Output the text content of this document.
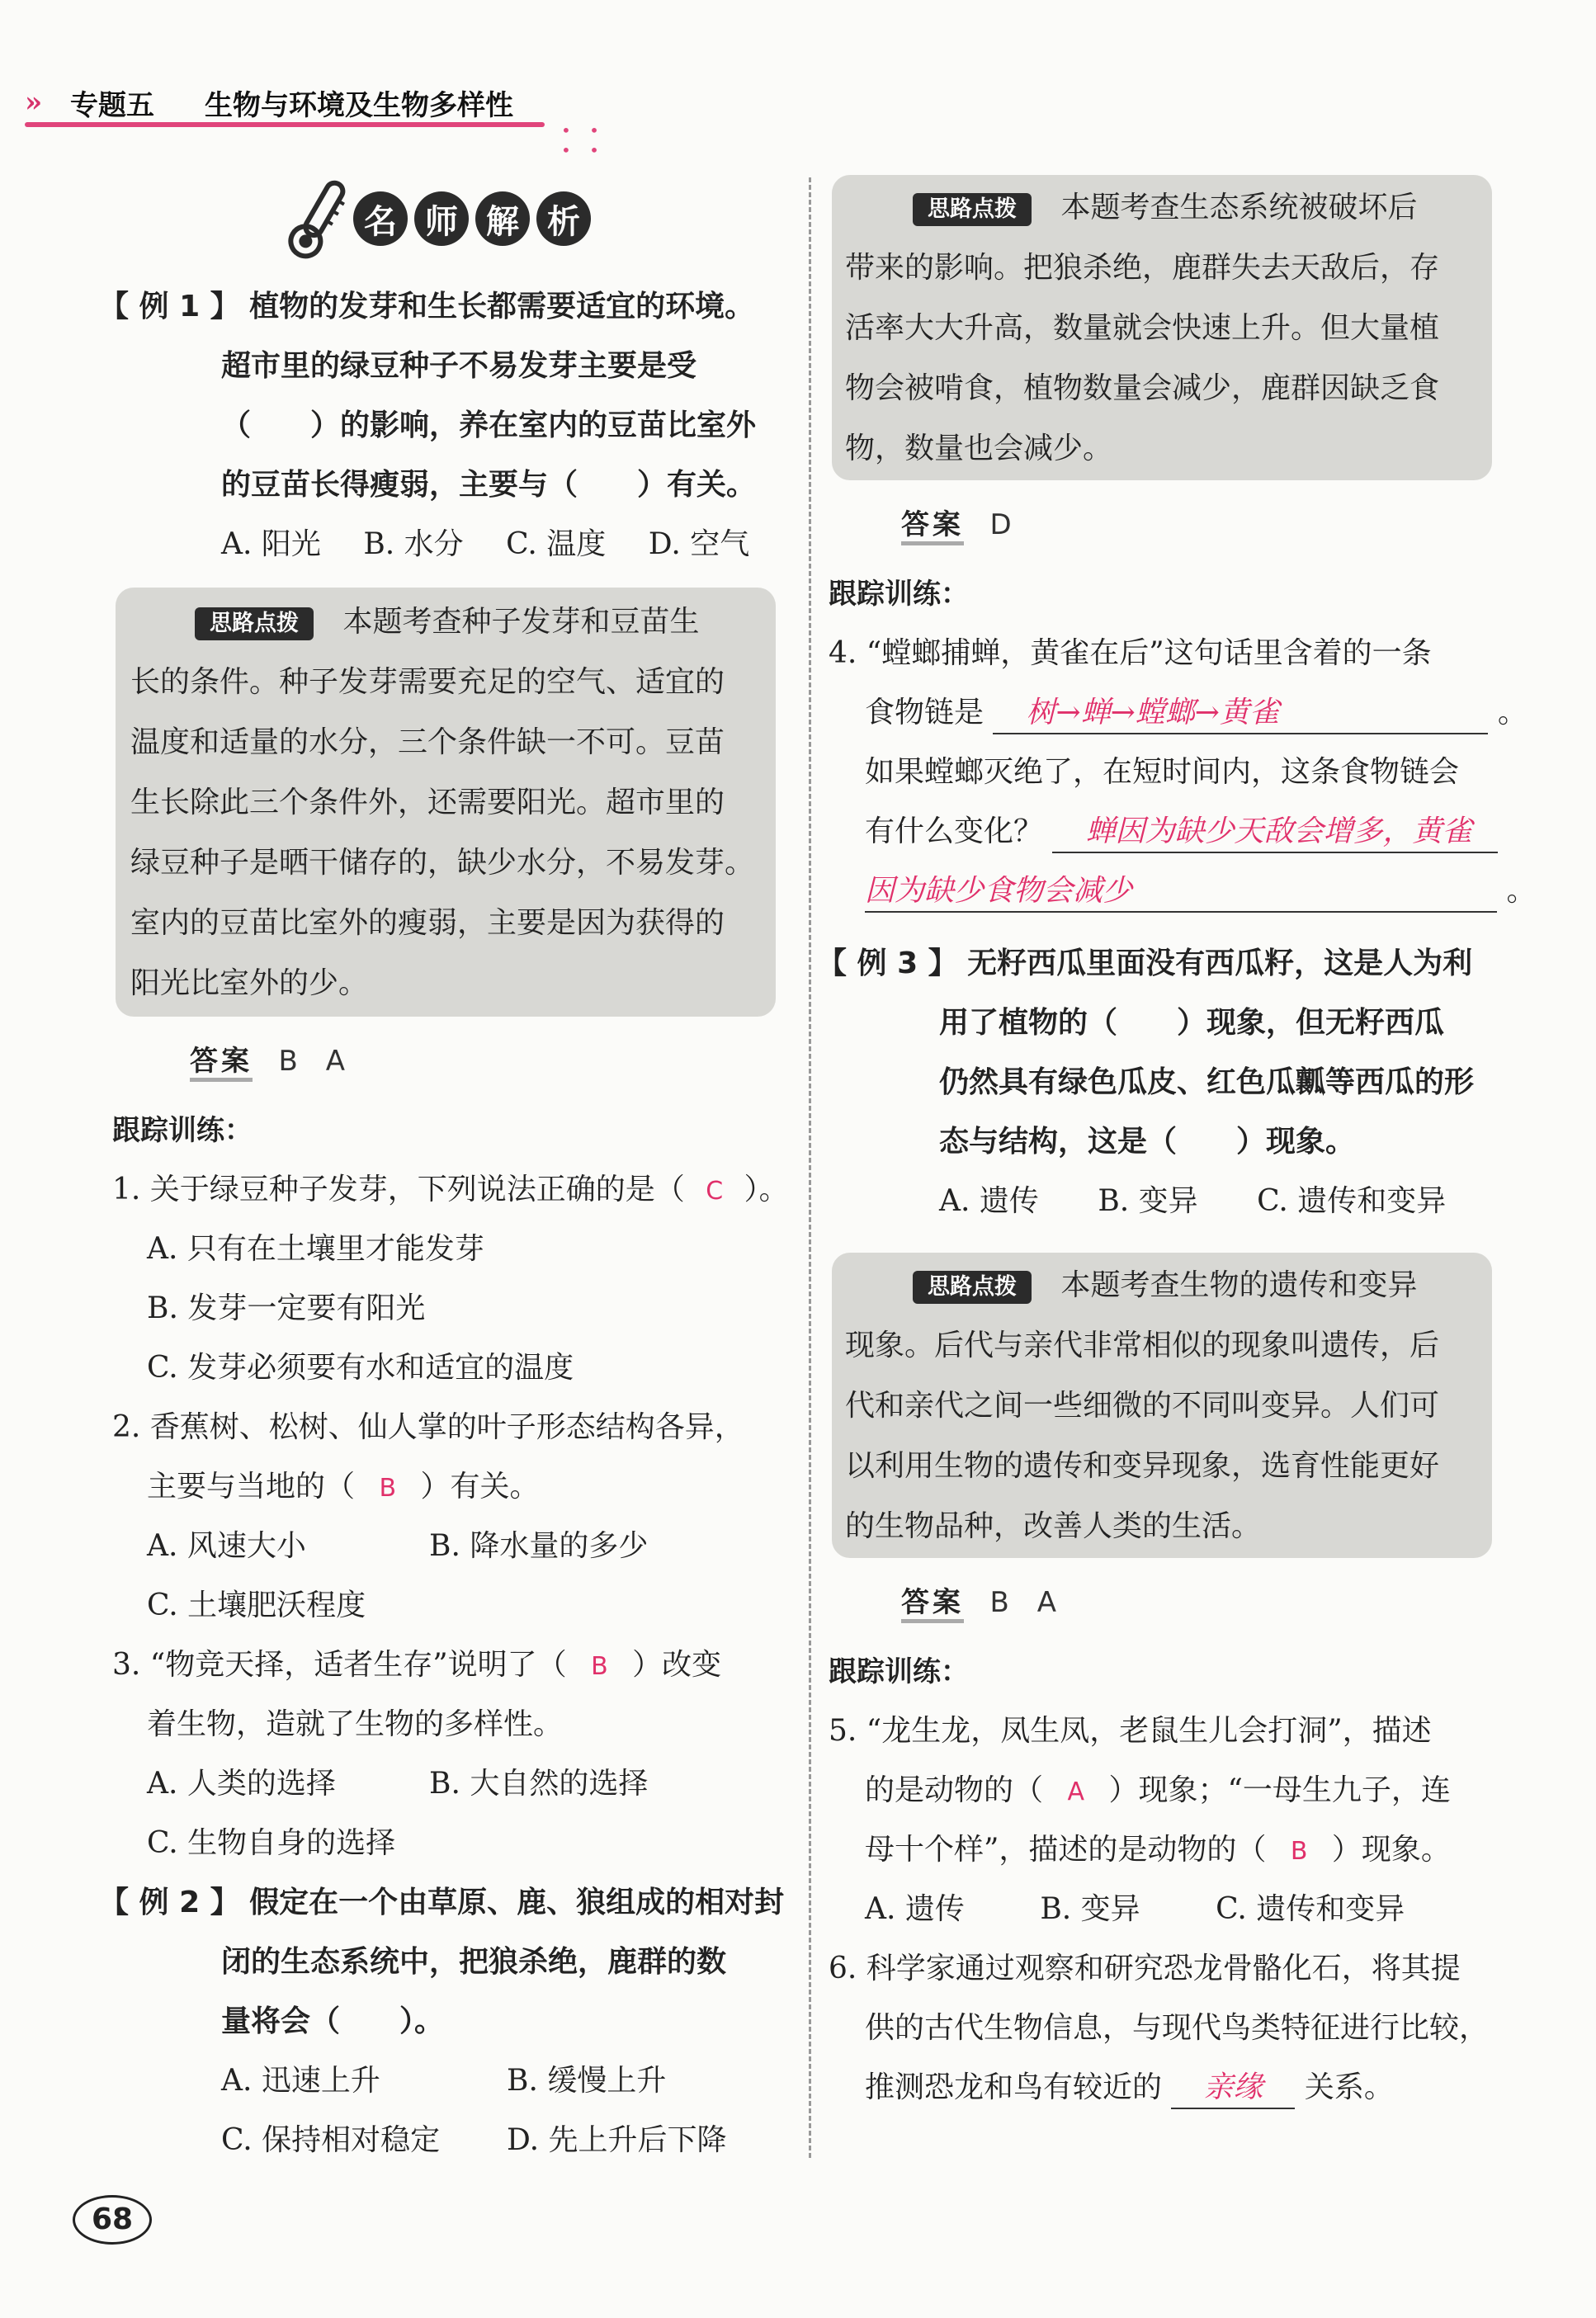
» 专题五 生物与环境及生物多样性
• • • •
名 师 解 析
【 例 1 】 植物的发芽和生长都需要适宜的环境。
超市里的绿豆种子不易发芽主要是受
（　　）的影响，养在室内的豆苗比室外
的豆苗长得瘦弱，主要与（　　）有关。
A. 阳光 B. 水分 C. 温度 D. 空气
思路点拨 本题考查种子发芽和豆苗生
长的条件。种子发芽需要充足的空气、适宜的
温度和适量的水分，三个条件缺一不可。豆苗
生长除此三个条件外，还需要阳光。超市里的
绿豆种子是晒干储存的，缺少水分，不易发芽。
室内的豆苗比室外的瘦弱，主要是因为获得的
阳光比室外的少。
答案 B　A
跟踪训练：
1. 关于绿豆种子发芽，下列说法正确的是（ C ）。
A. 只有在土壤里才能发芽
B. 发芽一定要有阳光
C. 发芽必须要有水和适宜的温度
2. 香蕉树、松树、仙人掌的叶子形态结构各异，
主要与当地的（ B ）有关。
A. 风速大小	B. 降水量的多少
C. 土壤肥沃程度
3. “物竞天择，适者生存”说明了（ B ）改变
着生物，造就了生物的多样性。
A. 人类的选择	B. 大自然的选择
C. 生物自身的选择
【 例 2 】 假定在一个由草原、鹿、狼组成的相对封
闭的生态系统中，把狼杀绝，鹿群的数
量将会（　　）。
A. 迅速上升	B. 缓慢上升
C. 保持相对稳定 D. 先上升后下降
思路点拨 本题考查生态系统被破坏后
带来的影响。把狼杀绝，鹿群失去天敌后，存
活率大大升高，数量就会快速上升。但大量植
物会被啃食，植物数量会减少，鹿群因缺乏食
物，数量也会减少。
答案 D
跟踪训练：
4. “螳螂捕蝉，黄雀在后”这句话里含着的一条
食物链是 树→蝉→螳螂→黄雀	。
如果螳螂灭绝了，在短时间内，这条食物链会
有什么变化？ 蝉因为缺少天敌会增多，黄雀
因为缺少食物会减少	。
【 例 3 】 无籽西瓜里面没有西瓜籽，这是人为利
用了植物的（　　）现象，但无籽西瓜
仍然具有绿色瓜皮、红色瓜瓤等西瓜的形
态与结构，这是（　　）现象。
A. 遗传 B. 变异 C. 遗传和变异
思路点拨 本题考查生物的遗传和变异
现象。后代与亲代非常相似的现象叫遗传，后
代和亲代之间一些细微的不同叫变异。人们可
以利用生物的遗传和变异现象，选育性能更好
的生物品种，改善人类的生活。
答案 B　A
跟踪训练：
5. “龙生龙，凤生凤，老鼠生儿会打洞”，描述
的是动物的（ A ）现象；“一母生九子，连
母十个样”，描述的是动物的（ B ）现象。
A. 遗传	B. 变异	C. 遗传和变异
6. 科学家通过观察和研究恐龙骨骼化石，将其提
供的古代生物信息，与现代鸟类特征进行比较，
推测恐龙和鸟有较近的 亲缘 关系。
68
